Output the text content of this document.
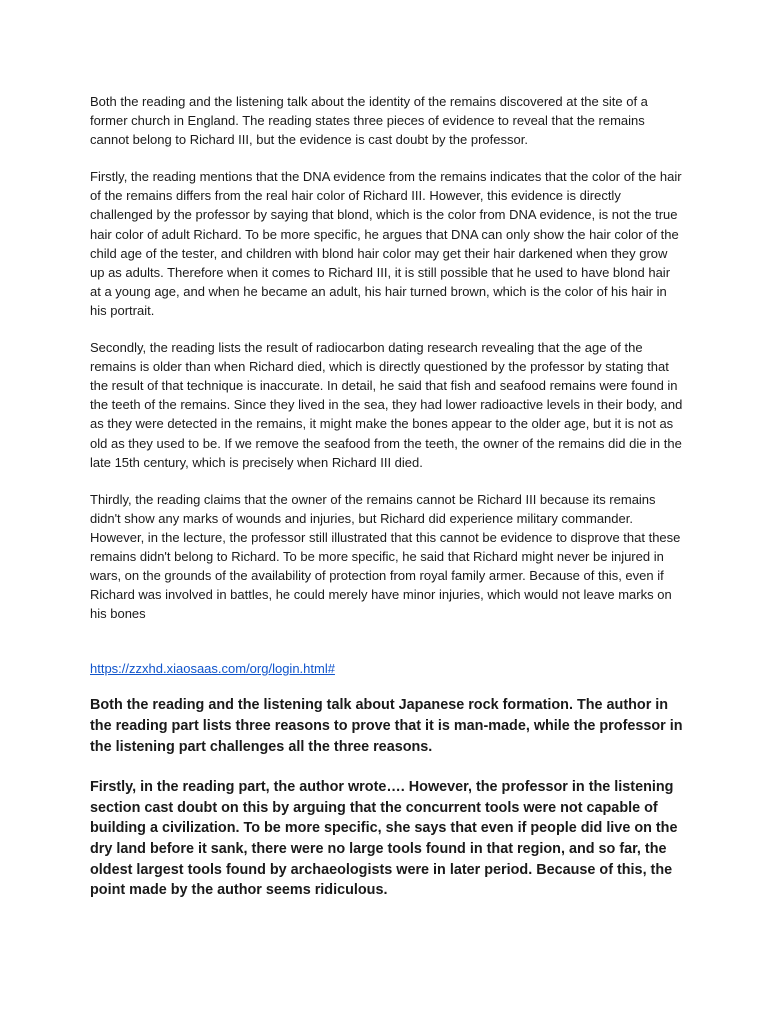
Both the reading and the listening talk about the identity of the remains discovered at the site of a former church in England. The reading states three pieces of evidence to reveal that the remains cannot belong to Richard III, but the evidence is cast doubt by the professor.

Firstly, the reading mentions that the DNA evidence from the remains indicates that the color of the hair of the remains differs from the real hair color of Richard III. However, this evidence is directly challenged by the professor by saying that blond, which is the color from DNA evidence, is not the true hair color of adult Richard. To be more specific, he argues that DNA can only show the hair color of the child age of the tester, and children with blond hair color may get their hair darkened when they grow up as adults. Therefore when it comes to Richard III, it is still possible that he used to have blond hair at a young age, and when he became an adult, his hair turned brown, which is the color of his hair in his portrait.

Secondly, the reading lists the result of radiocarbon dating research revealing that the age of the remains is older than when Richard died, which is directly questioned by the professor by stating that the result of that technique is inaccurate. In detail, he said that fish and seafood remains were found in the teeth of the remains. Since they lived in the sea, they had lower radioactive levels in their body, and as they were detected in the remains, it might make the bones appear to the older age, but it is not as old as they used to be. If we remove the seafood from the teeth, the owner of the remains did die in the late 15th century, which is precisely when Richard III died.

Thirdly, the reading claims that the owner of the remains cannot be Richard III because its remains didn't show any marks of wounds and injuries, but Richard did experience military commander. However, in the lecture, the professor still illustrated that this cannot be evidence to disprove that these remains didn't belong to Richard. To be more specific, he said that Richard might never be injured in wars, on the grounds of the availability of protection from royal family armer. Because of this, even if Richard was involved in battles, he could merely have minor injuries, which would not leave marks on his bones

https://zzxhd.xiaosaas.com/org/login.html#

Both the reading and the listening talk about Japanese rock formation. The author in the reading part lists three reasons to prove that it is man-made, while the professor in the listening part challenges all the three reasons.

Firstly, in the reading part, the author wrote…. However, the professor in the listening section cast doubt on this by arguing that the concurrent tools were not capable of building a civilization. To be more specific, she says that even if people did live on the dry land before it sank, there were no large tools found in that region, and so far, the oldest largest tools found by archaeologists were in later period. Because of this, the point made by the author seems ridiculous.
